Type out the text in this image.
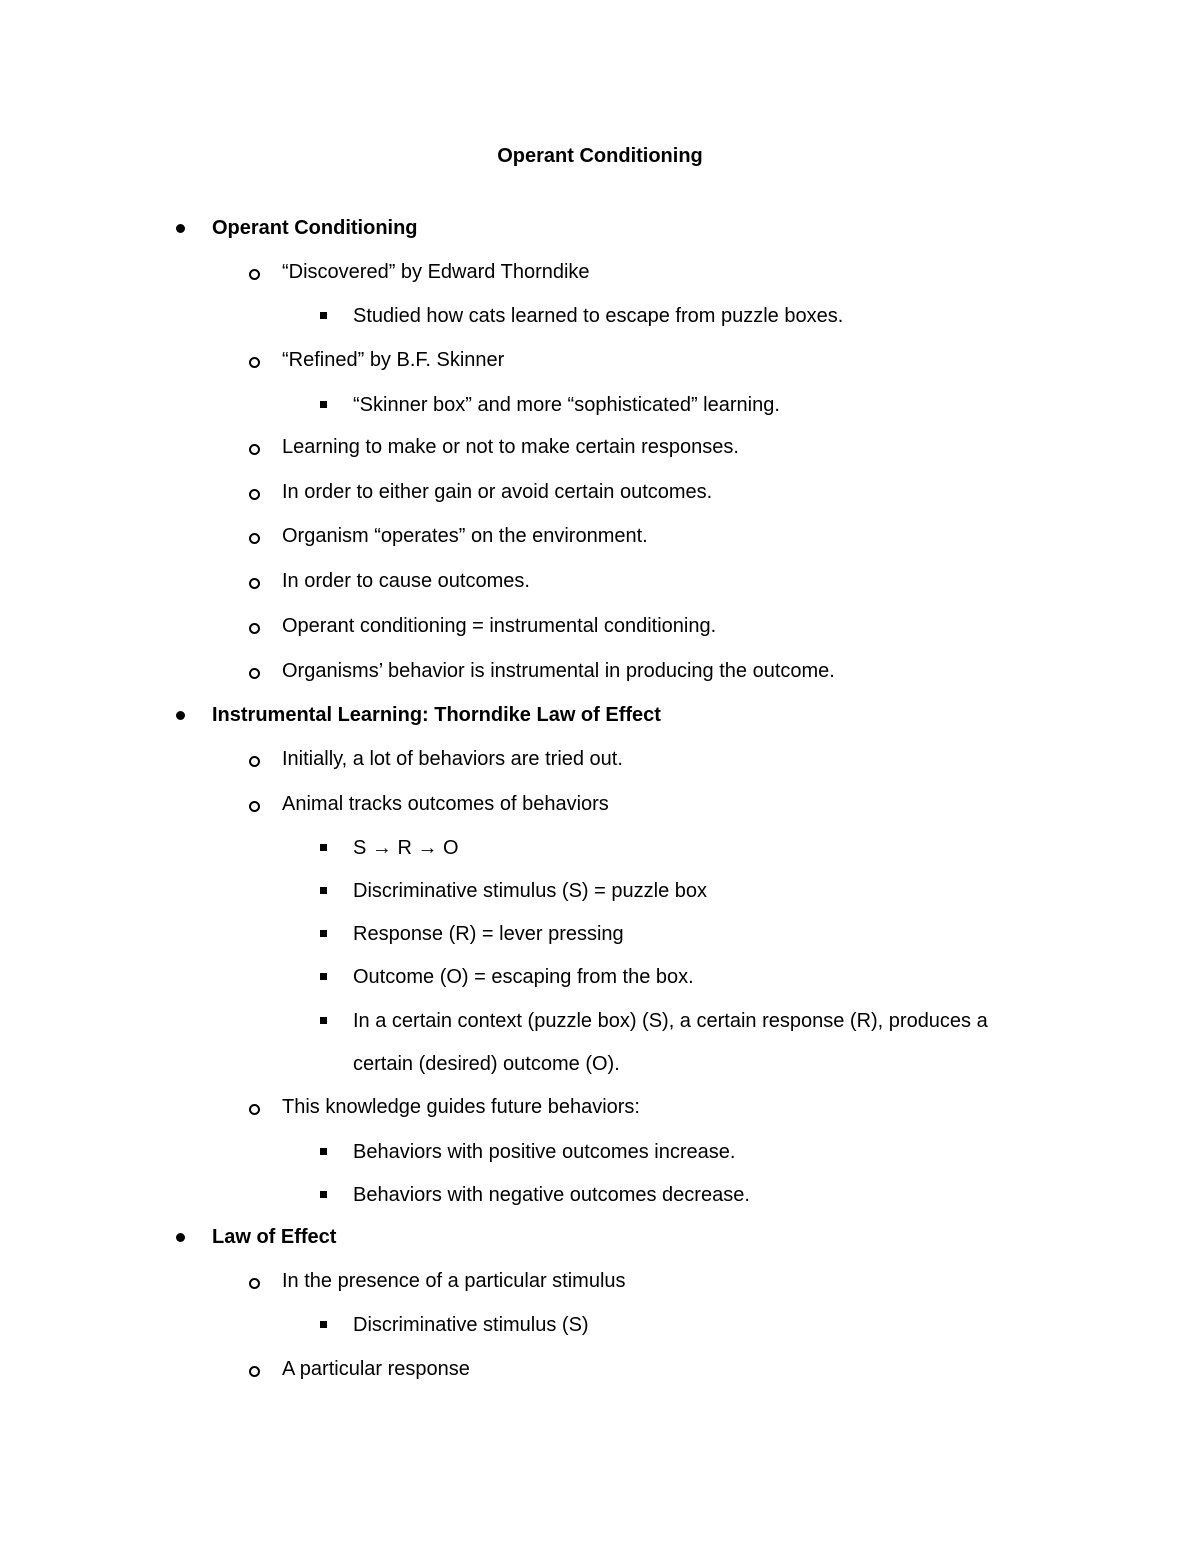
Operant Conditioning
Operant Conditioning
“Discovered” by Edward Thorndike
Studied how cats learned to escape from puzzle boxes.
“Refined” by B.F. Skinner
“Skinner box” and more “sophisticated” learning.
Learning to make or not to make certain responses.
In order to either gain or avoid certain outcomes.
Organism “operates” on the environment.
In order to cause outcomes.
Operant conditioning = instrumental conditioning.
Organisms’ behavior is instrumental in producing the outcome.
Instrumental Learning: Thorndike Law of Effect
Initially, a lot of behaviors are tried out.
Animal tracks outcomes of behaviors
S → R → O
Discriminative stimulus (S) = puzzle box
Response (R) = lever pressing
Outcome (O) = escaping from the box.
In a certain context (puzzle box) (S), a certain response (R), produces a
certain (desired) outcome (O).
This knowledge guides future behaviors:
Behaviors with positive outcomes increase.
Behaviors with negative outcomes decrease.
Law of Effect
In the presence of a particular stimulus
Discriminative stimulus (S)
A particular response
